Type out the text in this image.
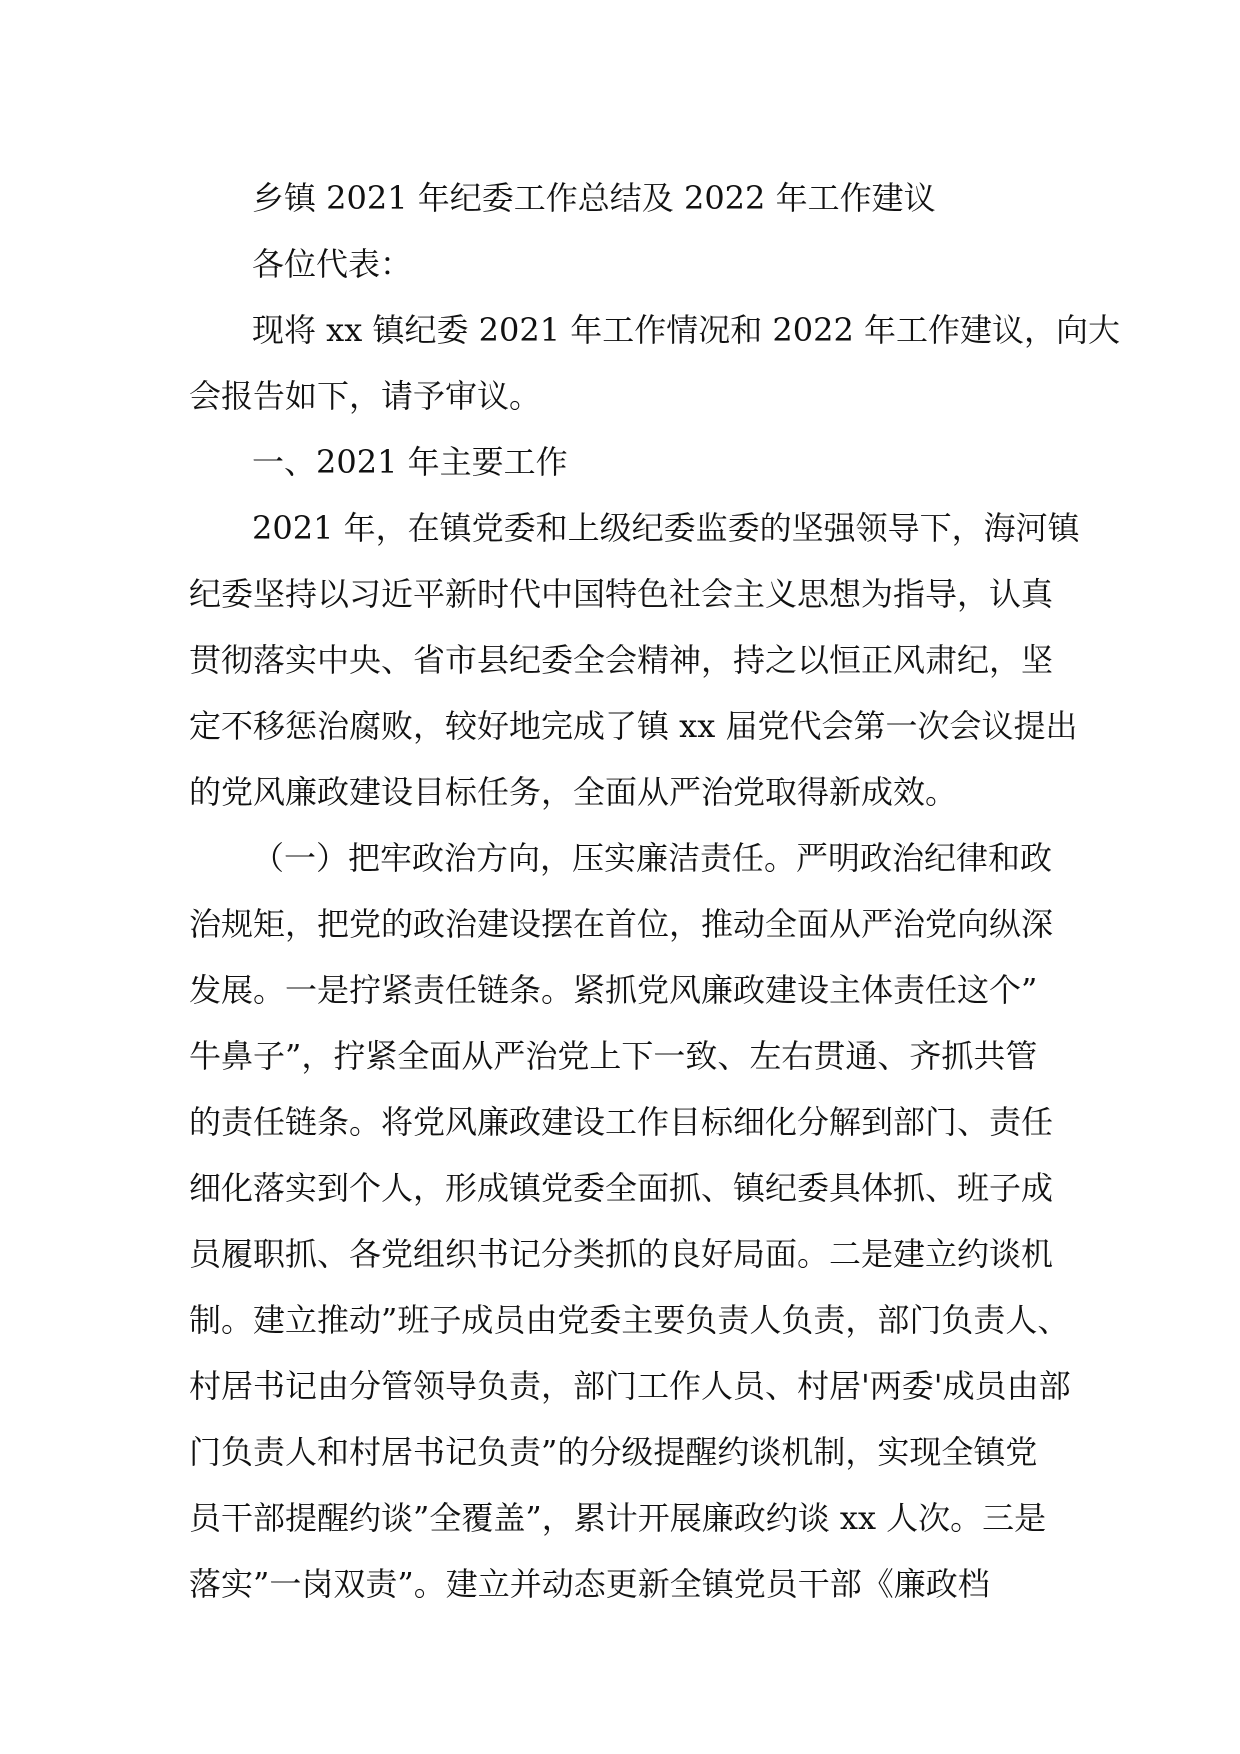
乡镇 2021 年纪委工作总结及 2022 年工作建议
各位代表：
现将 xx 镇纪委 2021 年工作情况和 2022 年工作建议，向大
会报告如下，请予审议。
一、2021 年主要工作
2021 年，在镇党委和上级纪委监委的坚强领导下，海河镇
纪委坚持以习近平新时代中国特色社会主义思想为指导，认真
贯彻落实中央、省市县纪委全会精神，持之以恒正风肃纪，坚
定不移惩治腐败，较好地完成了镇 xx 届党代会第一次会议提出
的党风廉政建设目标任务，全面从严治党取得新成效。
（一）把牢政治方向，压实廉洁责任。严明政治纪律和政
治规矩，把党的政治建设摆在首位，推动全面从严治党向纵深
发展。一是拧紧责任链条。紧抓党风廉政建设主体责任这个”
牛鼻子”，拧紧全面从严治党上下一致、左右贯通、齐抓共管
的责任链条。将党风廉政建设工作目标细化分解到部门、责任
细化落实到个人，形成镇党委全面抓、镇纪委具体抓、班子成
员履职抓、各党组织书记分类抓的良好局面。二是建立约谈机
制。建立推动”班子成员由党委主要负责人负责，部门负责人、
村居书记由分管领导负责，部门工作人员、村居'两委'成员由部
门负责人和村居书记负责”的分级提醒约谈机制，实现全镇党
员干部提醒约谈”全覆盖”，累计开展廉政约谈 xx 人次。三是
落实”一岗双责”。建立并动态更新全镇党员干部《廉政档
